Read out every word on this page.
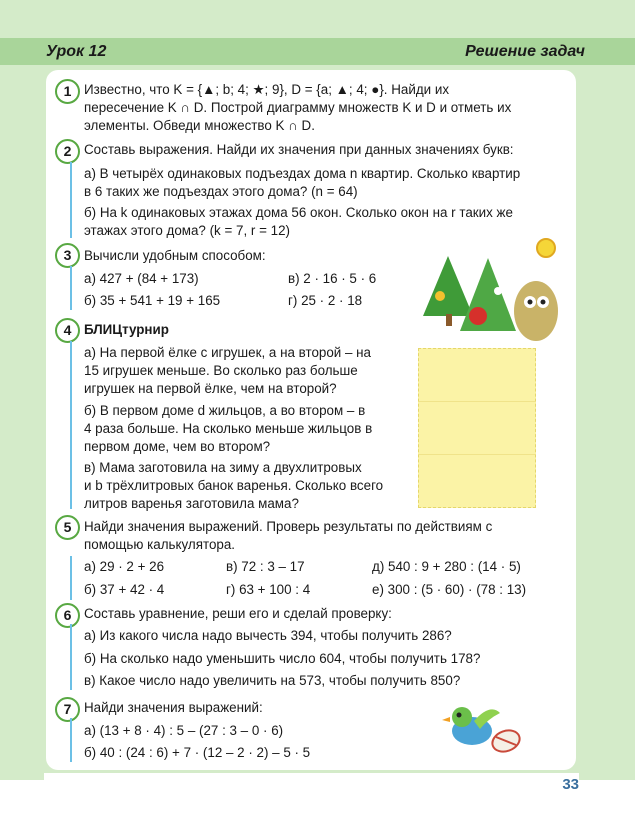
Урок 12	Решение задач
1 Известно, что K = {▲; b; 4; ★; 9}, D = {a; ▲; 4; ●}. Найди их
пересечение K ∩ D. Построй диаграмму множеств K и D и отметь их
элементы. Обведи множество K ∩ D.
2 Составь выражения. Найди их значения при данных значениях букв:
а) В четырёх одинаковых подъездах дома n квартир. Сколько квартир
в 6 таких же подъездах этого дома? (n = 64)
б) На k одинаковых этажах дома 56 окон. Сколько окон на r таких же
этажах этого дома? (k = 7, r = 12)
3 Вычисли удобным способом:
а) 427 + (84 + 173)	в) 2 · 16 · 5 · 6
б) 35 + 541 + 19 + 165	г) 25 · 2 · 18
4 БЛИЦтурнир
а) На первой ёлке c игрушек, а на второй – на
15 игрушек меньше. Во сколько раз больше
игрушек на первой ёлке, чем на второй?
б) В первом доме d жильцов, а во втором – в
4 раза больше. На сколько меньше жильцов в
первом доме, чем во втором?
в) Мама заготовила на зиму a двухлитровых
и b трёхлитровых банок варенья. Сколько всего
литров варенья заготовила мама?
5 Найди значения выражений. Проверь результаты по действиям с
помощью калькулятора.
а) 29 · 2 + 26	в) 72 : 3 – 17	д) 540 : 9 + 280 : (14 · 5)
б) 37 + 42 · 4	г) 63 + 100 : 4	е) 300 : (5 · 60) · (78 : 13)
6 Составь уравнение, реши его и сделай проверку:
а) Из какого числа надо вычесть 394, чтобы получить 286?
б) На сколько надо уменьшить число 604, чтобы получить 178?
в) Какое число надо увеличить на 573, чтобы получить 850?
7 Найди значения выражений:
а) (13 + 8 · 4) : 5 – (27 : 3 – 0 · 6)
б) 40 : (24 : 6) + 7 · (12 – 2 · 2) – 5 · 5
33
